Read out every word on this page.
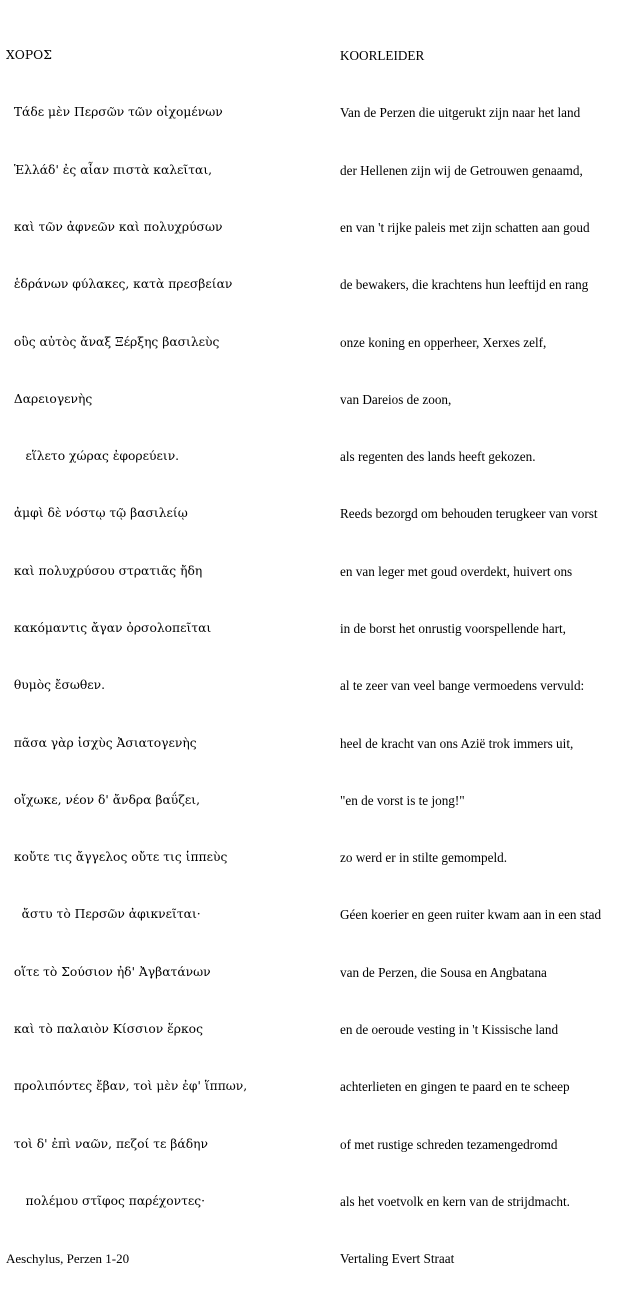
ΧΟΡΟΣ

Τάδε μὲν Περσῶν τῶν οἰχομένων

Ἑλλάδ' ἐς αἶαν πιστὰ καλεῖται,

καὶ τῶν ἀφνεῶν καὶ πολυχρύσων

ἑδράνων φύλακες, κατὰ πρεσβείαν

οὓς αὐτὸς ἄναξ Ξέρξης βασιλεὺς

Δαρειογενὴς

εἵλετο χώρας ἐφορεύειν.

ἀμφὶ δὲ νόστῳ τῷ βασιλείῳ

καὶ πολυχρύσου στρατιᾶς ἤδη

κακόμαντις ἄγαν ὀρσολοπεῖται

θυμὸς ἔσωθεν.

πᾶσα γὰρ ἰσχὺς Ἀσιατογενὴς

οἴχωκε, νέον δ' ἄνδρα βαΰζει,

κοὔτε τις ἄγγελος οὔτε τις ἱππεὺς

ἄστυ τὸ Περσῶν ἀφικνεῖται·

οἵτε τὸ Σούσιον ἠδ' Ἀγβατάνων

καὶ τὸ παλαιὸν Κίσσιον ἕρκος

προλιπόντες ἔβαν, τοὶ μὲν ἐφ' ἵππων,

τοὶ δ' ἐπὶ ναῶν, πεζοί τε βάδην

πολέμου στῖφος παρέχοντες·

Aeschylus, Perzen 1-20

KOORLEIDER

Van de Perzen die uitgerukt zijn naar het land

der Hellenen zijn wij de Getrouwen genaamd,

en van 't rijke paleis met zijn schatten aan goud

de bewakers, die krachtens hun leeftijd en rang

onze koning en opperheer, Xerxes zelf,

van Dareios de zoon,

als regenten des lands heeft gekozen.

Reeds bezorgd om behouden terugkeer van vorst

en van leger met goud overdekt, huivert ons

in de borst het onrustig voorspellende hart,

al te zeer van veel bange vermoedens vervuld:

heel de kracht van ons Azië trok immers uit,

"en de vorst is te jong!"

zo werd er in stilte gemompeld.

Géen koerier en geen ruiter kwam aan in een stad

van de Perzen, die Sousa en Angbatana

en de oeroude vesting in 't Kissische land

achterlieten en gingen te paard en te scheep

of met rustige schreden tezamengedromd

als het voetvolk en kern van de strijdmacht.

Vertaling Evert Straat
